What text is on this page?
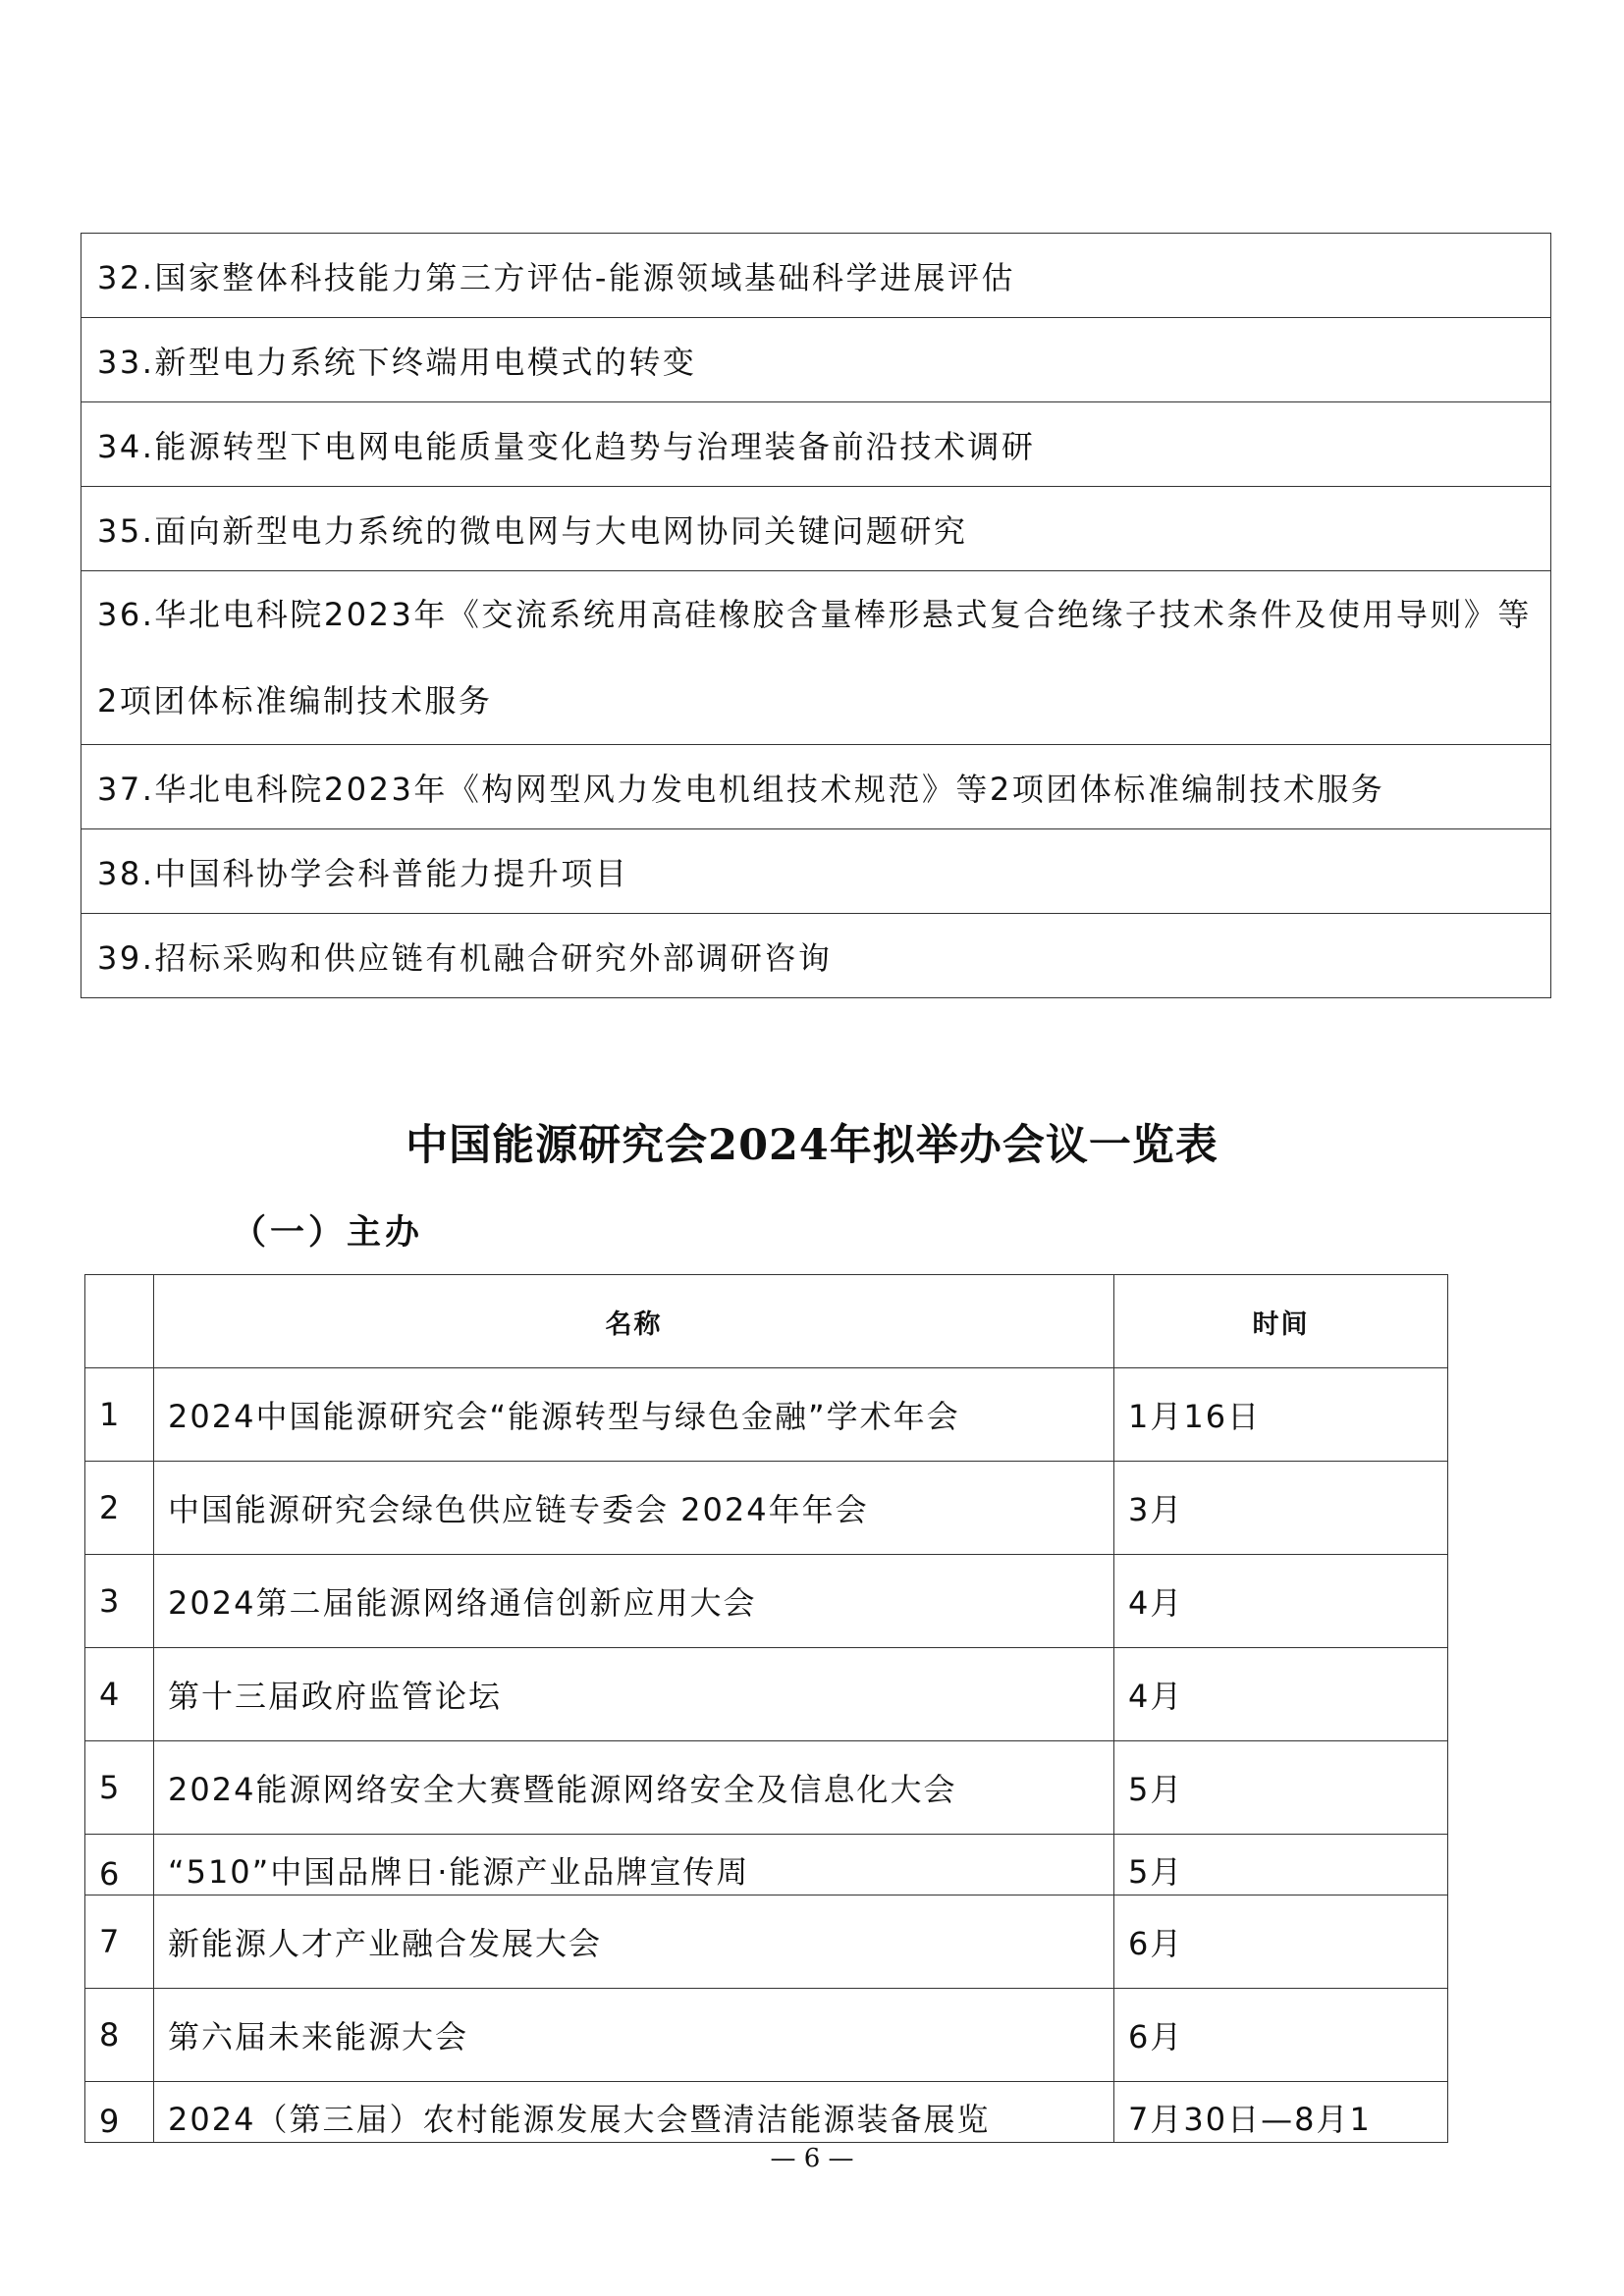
32.国家整体科技能力第三方评估-能源领域基础科学进展评估
33.新型电力系统下终端用电模式的转变
34.能源转型下电网电能质量变化趋势与治理装备前沿技术调研
35.面向新型电力系统的微电网与大电网协同关键问题研究
36.华北电科院2023年《交流系统用高硅橡胶含量棒形悬式复合绝缘子技术条件及使用导则》等2项团体标准编制技术服务
37.华北电科院2023年《构网型风力发电机组技术规范》等2项团体标准编制技术服务
38.中国科协学会科普能力提升项目
39.招标采购和供应链有机融合研究外部调研咨询
中国能源研究会2024年拟举办会议一览表
（一）主办
	名称	时间
1	2024中国能源研究会“能源转型与绿色金融”学术年会	1月16日
2	中国能源研究会绿色供应链专委会 2024年年会	3月
3	2024第二届能源网络通信创新应用大会	4月
4	第十三届政府监管论坛	4月
5	2024能源网络安全大赛暨能源网络安全及信息化大会	5月
6	“510”中国品牌日·能源产业品牌宣传周	5月
7	新能源人才产业融合发展大会	6月
8	第六届未来能源大会	6月
9	2024（第三届）农村能源发展大会暨清洁能源装备展览	7月30日—8月1
— 6 —
